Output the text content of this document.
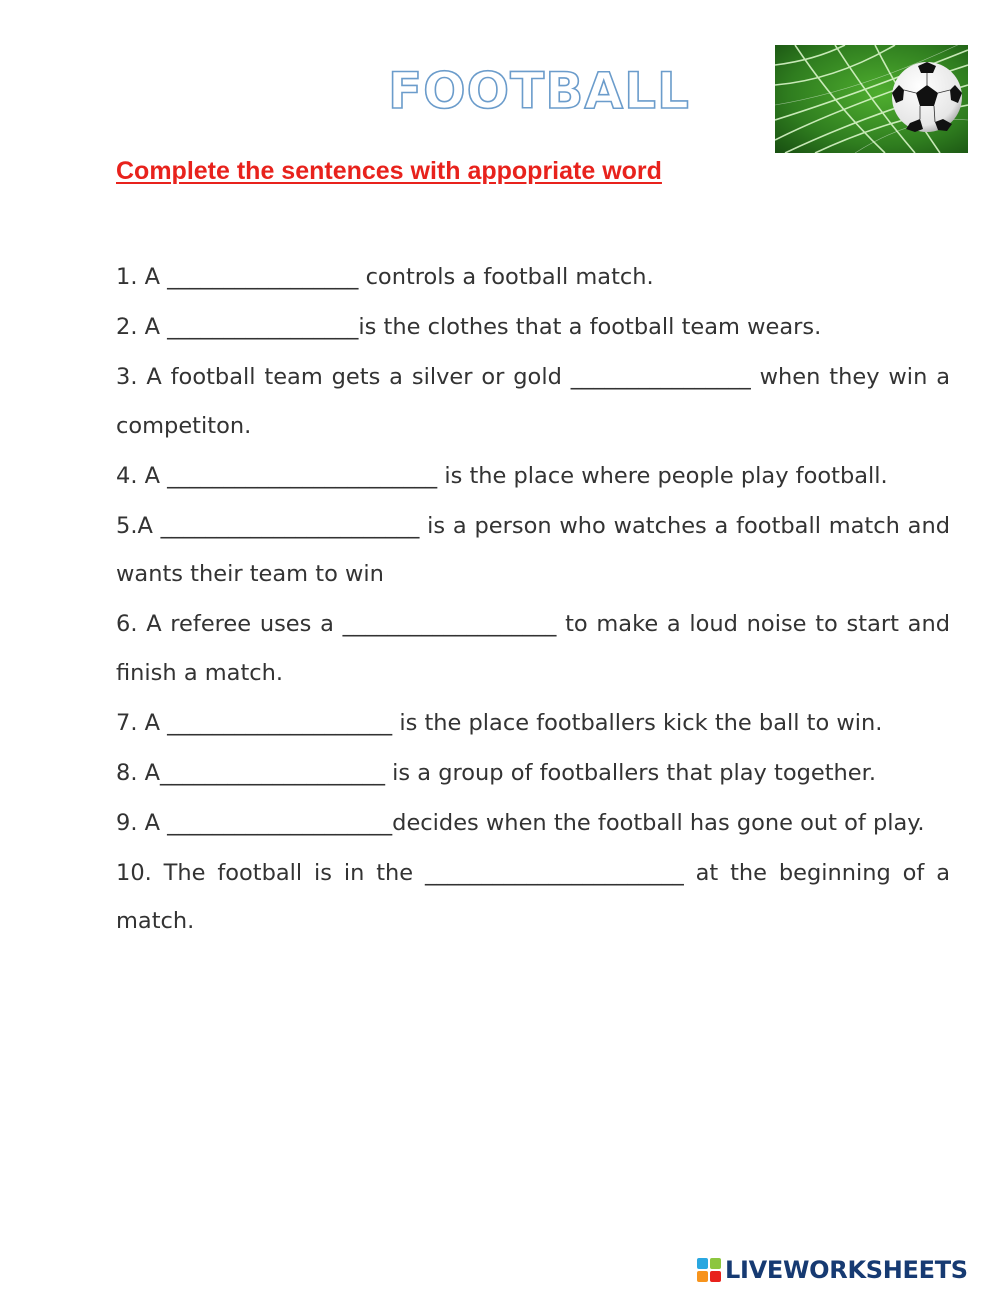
FOOTBALL
Complete the sentences with appopriate word

1. A _________________ controls a football match.

2. A _________________is the clothes that a football team wears.

3. A football team gets a silver or gold ________________ when they win a competiton.

4. A ________________________ is the place where people play football.

5.A _______________________ is a person who watches a football match and wants their team to win

6. A referee uses a ___________________ to make a loud noise to start and finish a match.

7. A ____________________ is the place footballers kick the ball to win.

8. A____________________ is a group of footballers that play together.

9. A ____________________decides when the football has gone out of play.

10. The football is in the _______________________ at the beginning of a match.

LIVEWORKSHEETS
